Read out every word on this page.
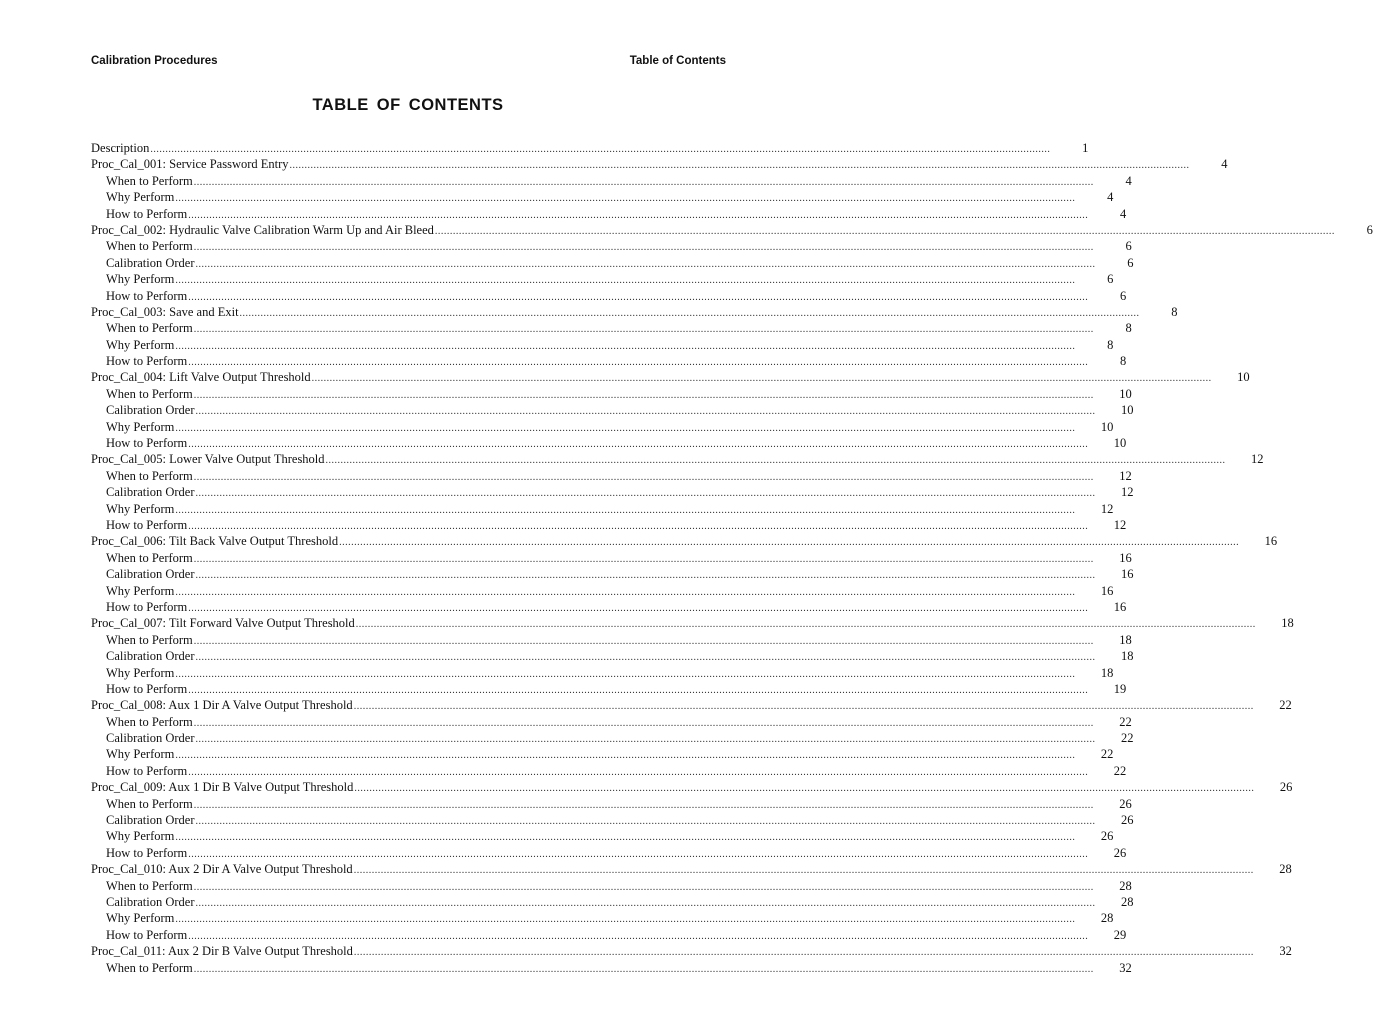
Calibration Procedures	Table of Contents
TABLE OF CONTENTS
Description ............................................................................................................................................................................................................................................................................................................	1
Proc_Cal_001: Service Password Entry ............................................................................................................................................................................................................................................................................................................	4
When to Perform ............................................................................................................................................................................................................................................................................................................	4
Why Perform ............................................................................................................................................................................................................................................................................................................	4
How to Perform ............................................................................................................................................................................................................................................................................................................	4
Proc_Cal_002: Hydraulic Valve Calibration Warm Up and Air Bleed ............................................................................................................................................................................................................................................................................................................	6
When to Perform ............................................................................................................................................................................................................................................................................................................	6
Calibration Order ............................................................................................................................................................................................................................................................................................................	6
Why Perform ............................................................................................................................................................................................................................................................................................................	6
How to Perform ............................................................................................................................................................................................................................................................................................................	6
Proc_Cal_003: Save and Exit ............................................................................................................................................................................................................................................................................................................	8
When to Perform ............................................................................................................................................................................................................................................................................................................	8
Why Perform ............................................................................................................................................................................................................................................................................................................	8
How to Perform ............................................................................................................................................................................................................................................................................................................	8
Proc_Cal_004: Lift Valve Output Threshold ............................................................................................................................................................................................................................................................................................................	10
When to Perform ............................................................................................................................................................................................................................................................................................................	10
Calibration Order ............................................................................................................................................................................................................................................................................................................	10
Why Perform ............................................................................................................................................................................................................................................................................................................	10
How to Perform ............................................................................................................................................................................................................................................................................................................	10
Proc_Cal_005: Lower Valve Output Threshold ............................................................................................................................................................................................................................................................................................................	12
When to Perform ............................................................................................................................................................................................................................................................................................................	12
Calibration Order ............................................................................................................................................................................................................................................................................................................	12
Why Perform ............................................................................................................................................................................................................................................................................................................	12
How to Perform ............................................................................................................................................................................................................................................................................................................	12
Proc_Cal_006: Tilt Back Valve Output Threshold ............................................................................................................................................................................................................................................................................................................	16
When to Perform ............................................................................................................................................................................................................................................................................................................	16
Calibration Order ............................................................................................................................................................................................................................................................................................................	16
Why Perform ............................................................................................................................................................................................................................................................................................................	16
How to Perform ............................................................................................................................................................................................................................................................................................................	16
Proc_Cal_007: Tilt Forward Valve Output Threshold ............................................................................................................................................................................................................................................................................................................	18
When to Perform ............................................................................................................................................................................................................................................................................................................	18
Calibration Order ............................................................................................................................................................................................................................................................................................................	18
Why Perform ............................................................................................................................................................................................................................................................................................................	18
How to Perform ............................................................................................................................................................................................................................................................................................................	19
Proc_Cal_008: Aux 1 Dir A Valve Output Threshold ............................................................................................................................................................................................................................................................................................................	22
When to Perform ............................................................................................................................................................................................................................................................................................................	22
Calibration Order ............................................................................................................................................................................................................................................................................................................	22
Why Perform ............................................................................................................................................................................................................................................................................................................	22
How to Perform ............................................................................................................................................................................................................................................................................................................	22
Proc_Cal_009: Aux 1 Dir B Valve Output Threshold ............................................................................................................................................................................................................................................................................................................	26
When to Perform ............................................................................................................................................................................................................................................................................................................	26
Calibration Order ............................................................................................................................................................................................................................................................................................................	26
Why Perform ............................................................................................................................................................................................................................................................................................................	26
How to Perform ............................................................................................................................................................................................................................................................................................................	26
Proc_Cal_010: Aux 2 Dir A Valve Output Threshold ............................................................................................................................................................................................................................................................................................................	28
When to Perform ............................................................................................................................................................................................................................................................................................................	28
Calibration Order ............................................................................................................................................................................................................................................................................................................	28
Why Perform ............................................................................................................................................................................................................................................................................................................	28
How to Perform ............................................................................................................................................................................................................................................................................................................	29
Proc_Cal_011: Aux 2 Dir B Valve Output Threshold ............................................................................................................................................................................................................................................................................................................	32
When to Perform ............................................................................................................................................................................................................................................................................................................	32
